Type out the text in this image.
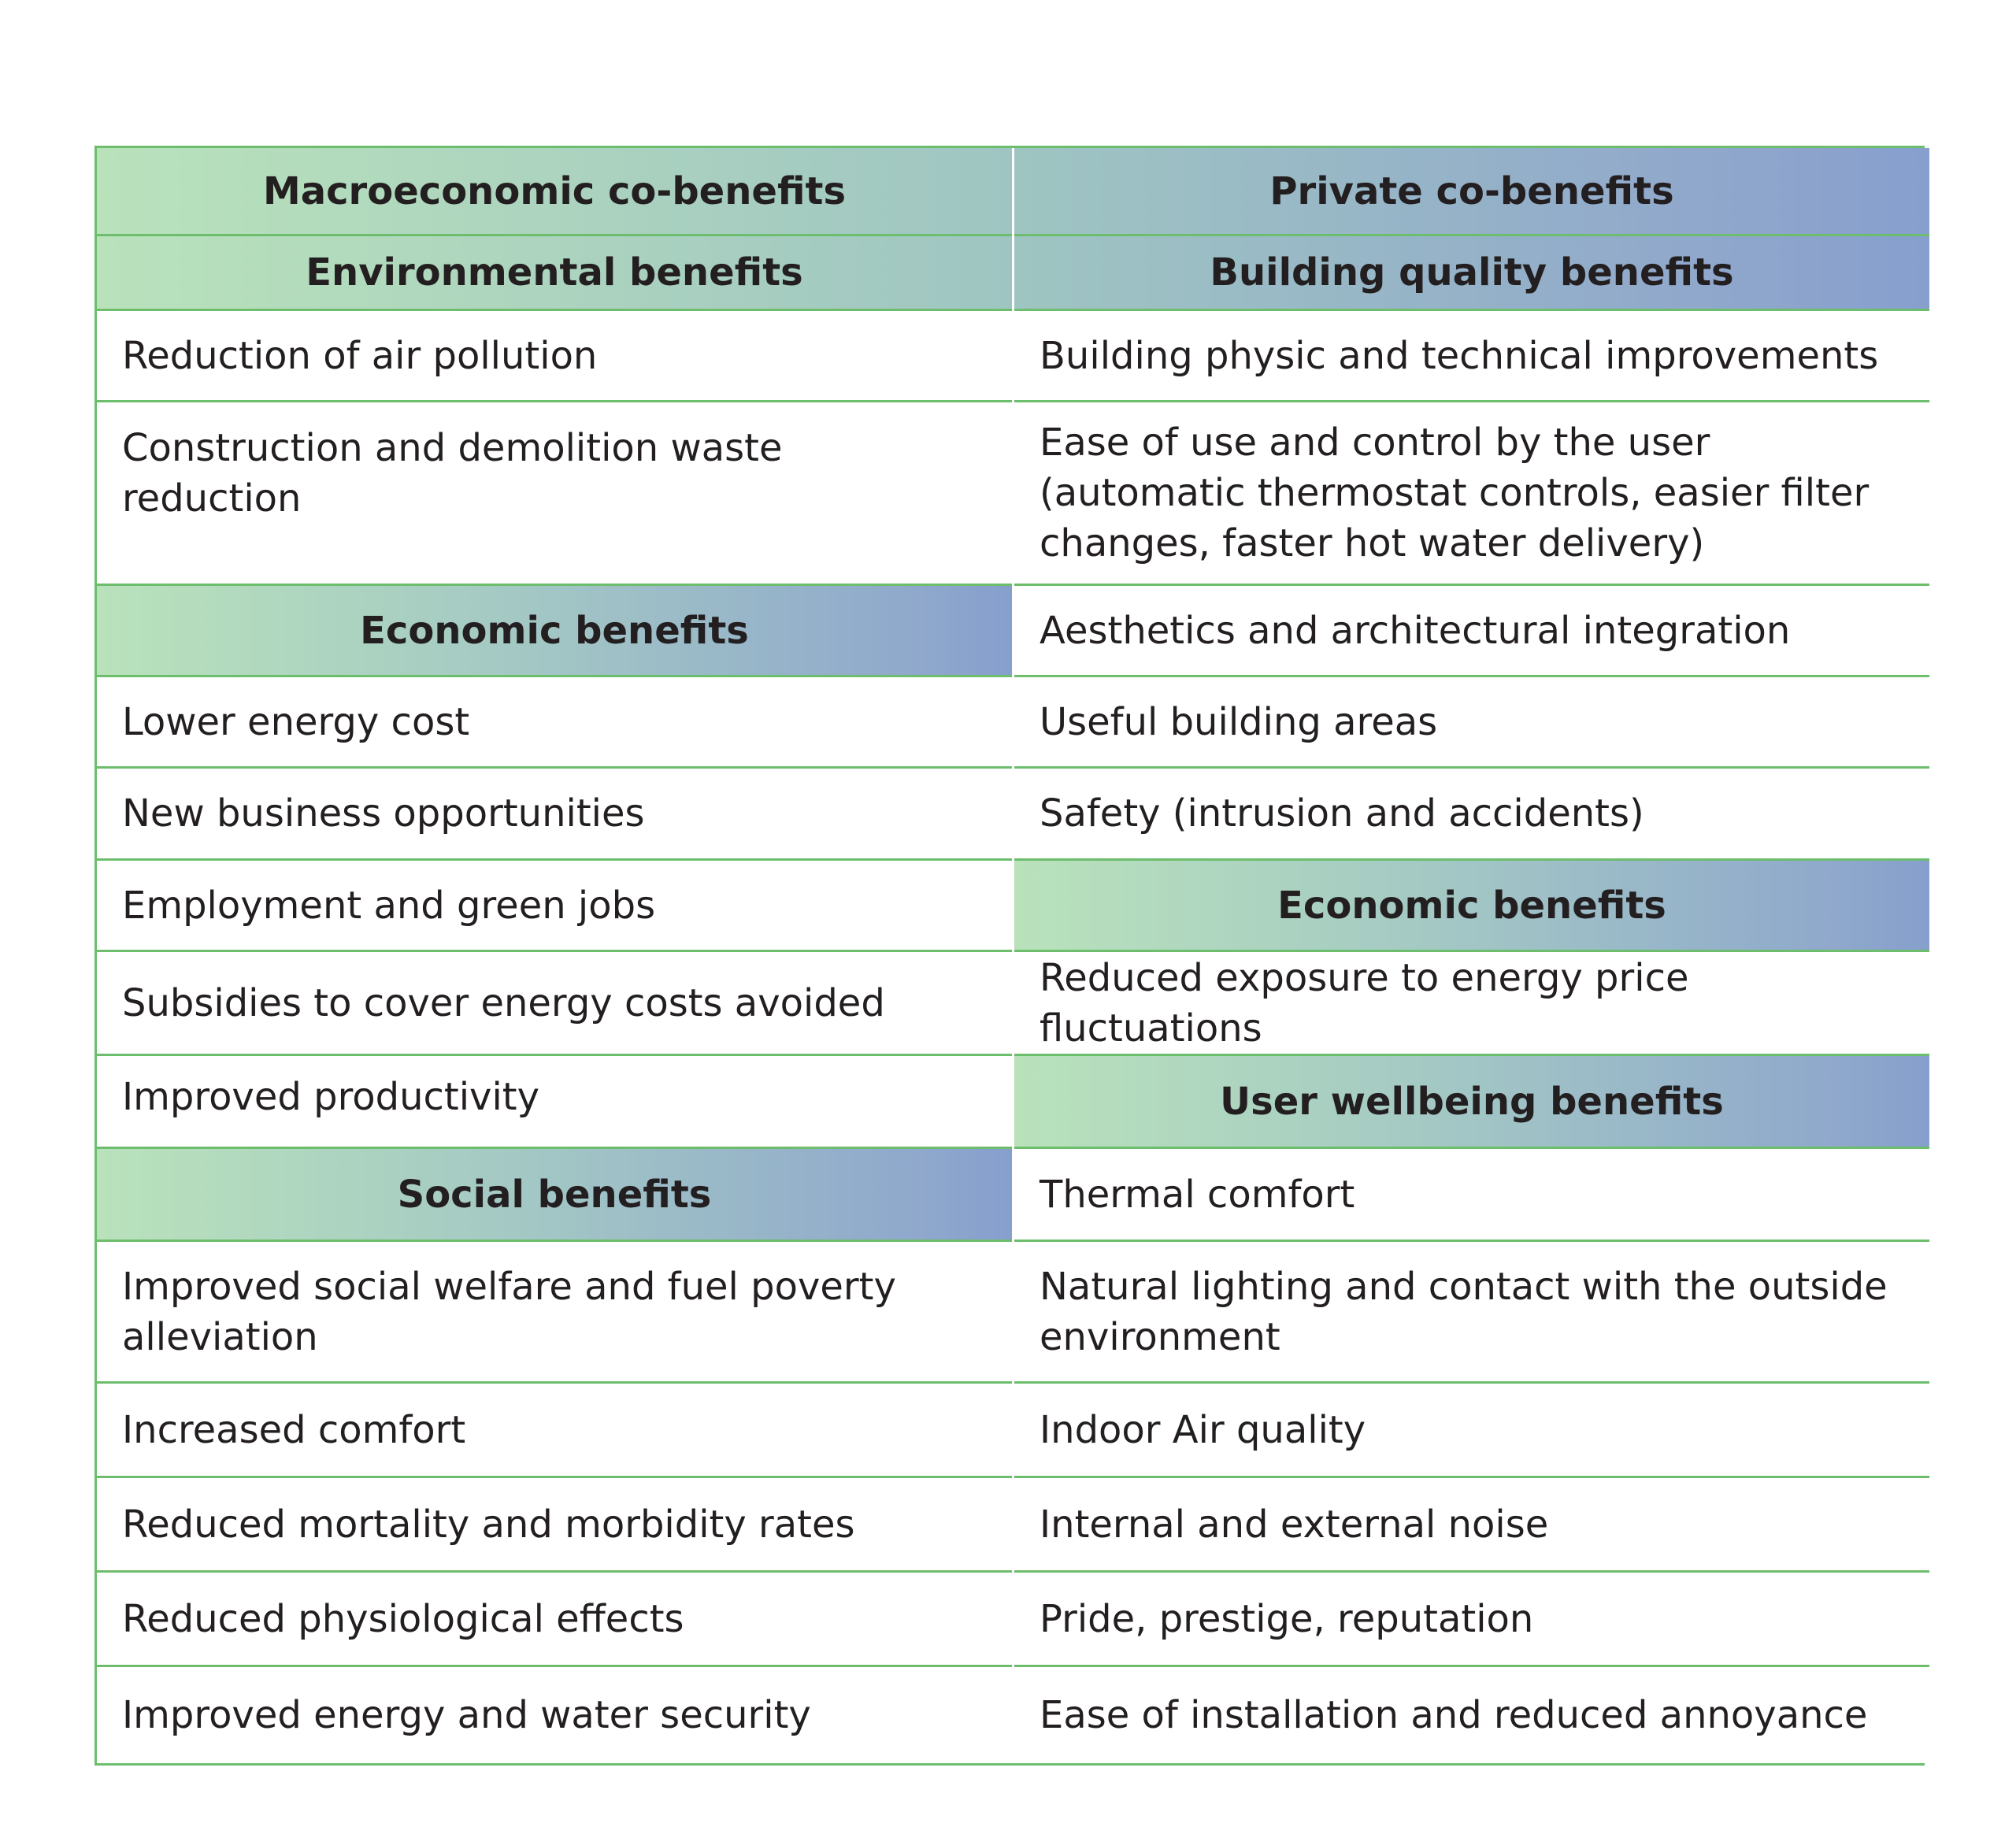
Macroeconomic co-benefits
Environmental benefits
Reduction of air pollution
Construction and demolition waste reduction
Economic benefits
Lower energy cost
New business opportunities
Employment and green jobs
Subsidies to cover energy costs avoided
Improved productivity
Social benefits
Improved social welfare and fuel poverty alleviation
Increased comfort
Reduced mortality and morbidity rates
Reduced physiological effects
Improved energy and water security
Private co-benefits
Building quality benefits
Building physic and technical improvements
Ease of use and control by the user (automatic thermostat controls, easier filter changes, faster hot water delivery)
Aesthetics and architectural integration
Useful building areas
Safety (intrusion and accidents)
Economic benefits
Reduced exposure to energy price fluctuations
User wellbeing benefits
Thermal comfort
Natural lighting and contact with the outside environment
Indoor Air quality
Internal and external noise
Pride, prestige, reputation
Ease of installation and reduced annoyance
